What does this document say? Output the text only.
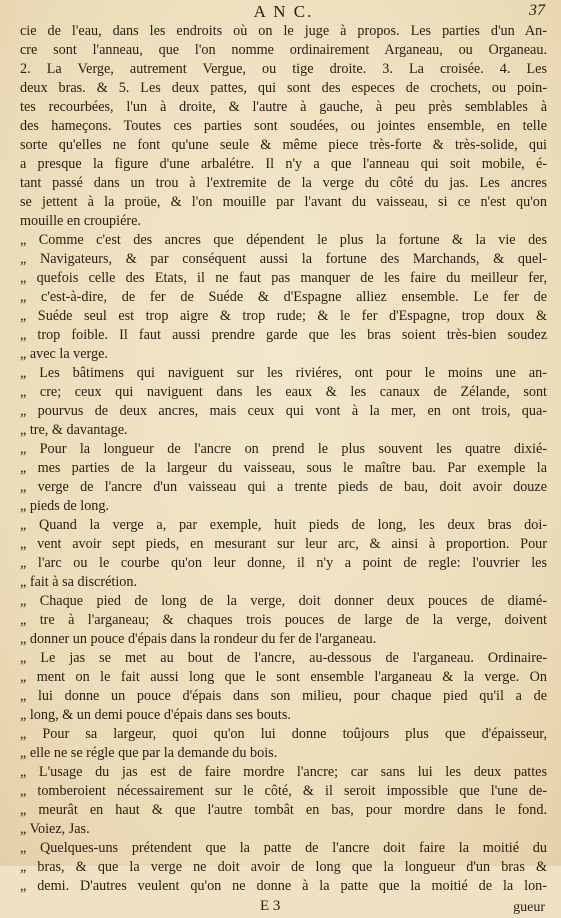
A N C.	37
cie de l'eau, dans les endroits où on le juge à propos. Les parties d'un An-
cre sont l'anneau, que l'on nomme ordinairement Arganeau, ou Organeau.
2. La Verge, autrement Vergue, ou tige droite. 3. La croisée. 4. Les
deux bras. & 5. Les deux pattes, qui sont des especes de crochets, ou poin-
tes recourbées, l'un à droite, & l'autre à gauche, à peu près semblables à
des hameçons. Toutes ces parties sont soudées, ou jointes ensemble, en telle
sorte qu'elles ne font qu'une seule & même piece très-forte & très-solide, qui
a presque la figure d'une arbalétre. Il n'y a que l'anneau qui soit mobile, é-
tant passé dans un trou à l'extremite de la verge du côté du jas. Les ancres
se jettent à la proüe, & l'on mouille par l'avant du vaisseau, si ce n'est qu'on
mouille en croupiére.
„ Comme c'est des ancres que dépendent le plus la fortune & la vie des
„ Navigateurs, & par conséquent aussi la fortune des Marchands, & quel-
„ quefois celle des Etats, il ne faut pas manquer de les faire du meilleur fer,
„ c'est-à-dire, de fer de Suéde & d'Espagne alliez ensemble. Le fer de
„ Suéde seul est trop aigre & trop rude; & le fer d'Espagne, trop doux &
„ trop foible. Il faut aussi prendre garde que les bras soient très-bien soudez
„ avec la verge.
„ Les bâtimens qui naviguent sur les riviéres, ont pour le moins une an-
„ cre; ceux qui naviguent dans les eaux & les canaux de Zélande, sont
„ pourvus de deux ancres, mais ceux qui vont à la mer, en ont trois, qua-
„ tre, & davantage.
„ Pour la longueur de l'ancre on prend le plus souvent les quatre dixié-
„ mes parties de la largeur du vaisseau, sous le maître bau. Par exemple la
„ verge de l'ancre d'un vaisseau qui a trente pieds de bau, doit avoir douze
„ pieds de long.
„ Quand la verge a, par exemple, huit pieds de long, les deux bras doi-
„ vent avoir sept pieds, en mesurant sur leur arc, & ainsi à proportion. Pour
„ l'arc ou le courbe qu'on leur donne, il n'y a point de regle: l'ouvrier les
„ fait à sa discrétion.
„ Chaque pied de long de la verge, doit donner deux pouces de diamé-
„ tre à l'arganeau; & chaques trois pouces de large de la verge, doivent
„ donner un pouce d'épais dans la rondeur du fer de l'arganeau.
„ Le jas se met au bout de l'ancre, au-dessous de l'arganeau. Ordinaire-
„ ment on le fait aussi long que le sont ensemble l'arganeau & la verge. On
„ lui donne un pouce d'épais dans son milieu, pour chaque pied qu'il a de
„ long, & un demi pouce d'épais dans ses bouts.
„ Pour sa largeur, quoi qu'on lui donne toûjours plus que d'épaisseur,
„ elle ne se régle que par la demande du bois.
„ L'usage du jas est de faire mordre l'ancre; car sans lui les deux pattes
„ tomberoient nécessairement sur le côté, & il seroit impossible que l'une de-
„ meurât en haut & que l'autre tombât en bas, pour mordre dans le fond.
„ Voiez, Jas.
„ Quelques-uns prétendent que la patte de l'ancre doit faire la moitié du
„ bras, & que la verge ne doit avoir de long que la longueur d'un bras &
„ demi. D'autres veulent qu'on ne donne à la patte que la moitié de la lon-
E 3	gueur
